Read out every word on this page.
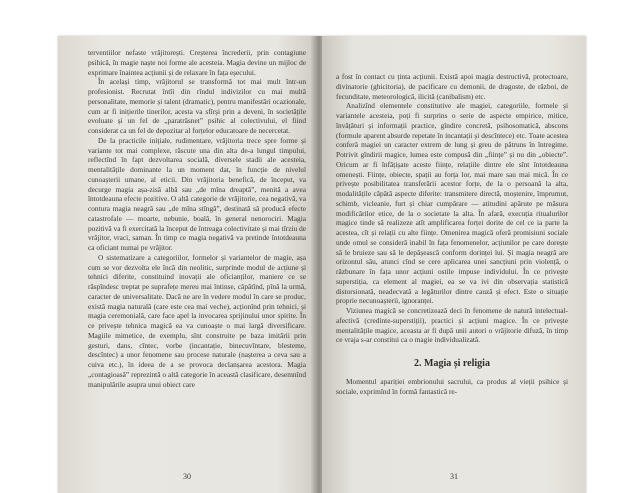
terventiilor nefaste vrăjitorești. Creșterea încrederii, prin contagiune psihică, în magie naște noi forme ale acesteia. Magia devine un mijloc de exprimare înaintea acțiunii și de relaxare în fața eșecului.

În același timp, vrăjitorul se transformă tot mai mult într-un profesionist. Recrutat întîi din rîndul indivizilor cu mai multă personalitate, memorie și talent (dramatic), pentru manifestări ocazionale, cum ar fi inițierile tinerilor, acesta va sfîrși prin a deveni, în societățile evoluate și un fel de „paratrăsnet” psihic al colectivului, el fiind considerat ca un fel de depozitar al forțelor educatoare de necercetat.

De la practicile inițiale, rudimentare, vrăjitoria trece spre forme și variante tot mai complexe, răscute una din alta de-a lungul timpului, reflectînd în fapt dezvoltarea socială, diversele stadii ale acesteia, mentalitățile dominante la un moment dat, în funcție de nivelul cunoașterii umane, al eticii. Din vrăjitoria benefică, de început, va decurge magia așa-zisă albă sau „de mîna dreaptă”, menită a avea întotdeauna efecte pozitive. O altă categorie de vrăjitorie, cea negativă, va contura magia neagră sau „de mîna stîngă”, destinată să producă efecte catastrofale — moarte, nebunie, boală, în general nenorociri. Magia pozitivă va fi exercitată la început de întreaga colectivitate și mai tîrziu de vrăjitor, vraci, saman. În timp ce magia negativă va pretinde întotdeauna ca oficiant numai pe vrăjitor.

O sistematizare a categoriilor, formelor și variantelor de magie, așa cum se vor dezvolta ele încă din neolitic, surprinde modul de acțiune și tehnici diferite, constituind inovații ale oficianților, maniere ce se răspîndesc treptat pe suprafețe mereu mai întinse, căpătînd, pînă la urmă, caracter de universalitate. Dacă ne are în vedere modul în care se produc, există magia naturală (care este cea mai veche), acționînd prin tehnici, și magia ceremonială, care face apel la invocarea sprijinului unor spirite. În ce privește tehnica magică ea va cunoaște o mai largă diversificare. Magiile mimetice, de exemplu, sînt construite pe baza imitării prin gesturi, dans, cîntec, vorbe (incantație, binecuvîntare, blesteme, descîntec) a unor fenomene sau procese naturale (nașterea a ceva sau a cuiva etc.), în ideea de a se provoca declanșarea acestora. Magia „contagioasă” reprezintă o altă categorie în această clasificare, desemnînd manipulările asupra unui obiect care

30

a fost în contact cu ținta acțiunii. Există apoi magia destructivă, protectoare, divinatorie (ghicitoria), de pacificare cu demonii, de dragoste, de război, de fecunditate, meteorologică, ilicită (canibalism) etc.

Analizînd elementele constitutive ale magiei, categoriile, formele și variantele acesteia, poți fi surprins o serie de aspecte empirice, mitice, învățături și informații practice, gîndire concretă, psihosomatică, abscons (formule aparent absurde repetate în incantații și descîntece) etc. Toate acestea conferă magiei un caracter extrem de lung și greu de pătruns în întregime. Potrivit gîndirii magice, lumea este compusă din „ființe” și nu din „obiecte”. Oricum ar fi înfățișate aceste ființe, relațiile dintre ele sînt întotdeauna omenești. Ființe, obiecte, spații au forța lor, mai mare sau mai mică. În ce privește posibilitatea transferării acestor forțe, de la o persoană la alta, modalitățile căpătă aspecte diferite: transmitere directă, moștenire, împrumut, schimb, vicleanie, furt și chiar cumpărare — atitudini apărute pe măsura modificărilor etice, de la o societate la alta. În afară, execuția ritualurilor magice tinde să realizeze atît amplificarea forței dorite de cel ce ia parte la acestea, cît și relații cu alte ființe. Omenirea magică oferă promisiuni sociale unde omul se consideră inabil în fața fenomenelor, acțiunilor pe care dorește să le bruieze sau să le depășească conform dorinței lui. Și magia neagră are orizontul său, atunci cînd se cere aplicarea unei sancțiuni prin violență, o răzbunare în fața unor acțiuni ostile impuse individului. În ce privește superstiția, ca element al magiei, ea se va ivi din observația statistică distorsionată, neadecvată a legăturilor dintre cauză și efect. Este o situație proprie necunoașterii, ignoranței.

Viziunea magică se concretizează deci în fenomene de natură intelectual-afectivă (credinte-superstiții), practici și acțiuni magice. În ce privește mentalitățile magice, aceasta ar fi după unii autori o vrăjitorie difuză, în timp ce vraja s-ar constitui ca o magie individualizată.

2. Magia și religia

Momentul apariției embrionului sacrului, ca produs al vieții psihice și sociale, exprimînd în formă fantastică re-

31
